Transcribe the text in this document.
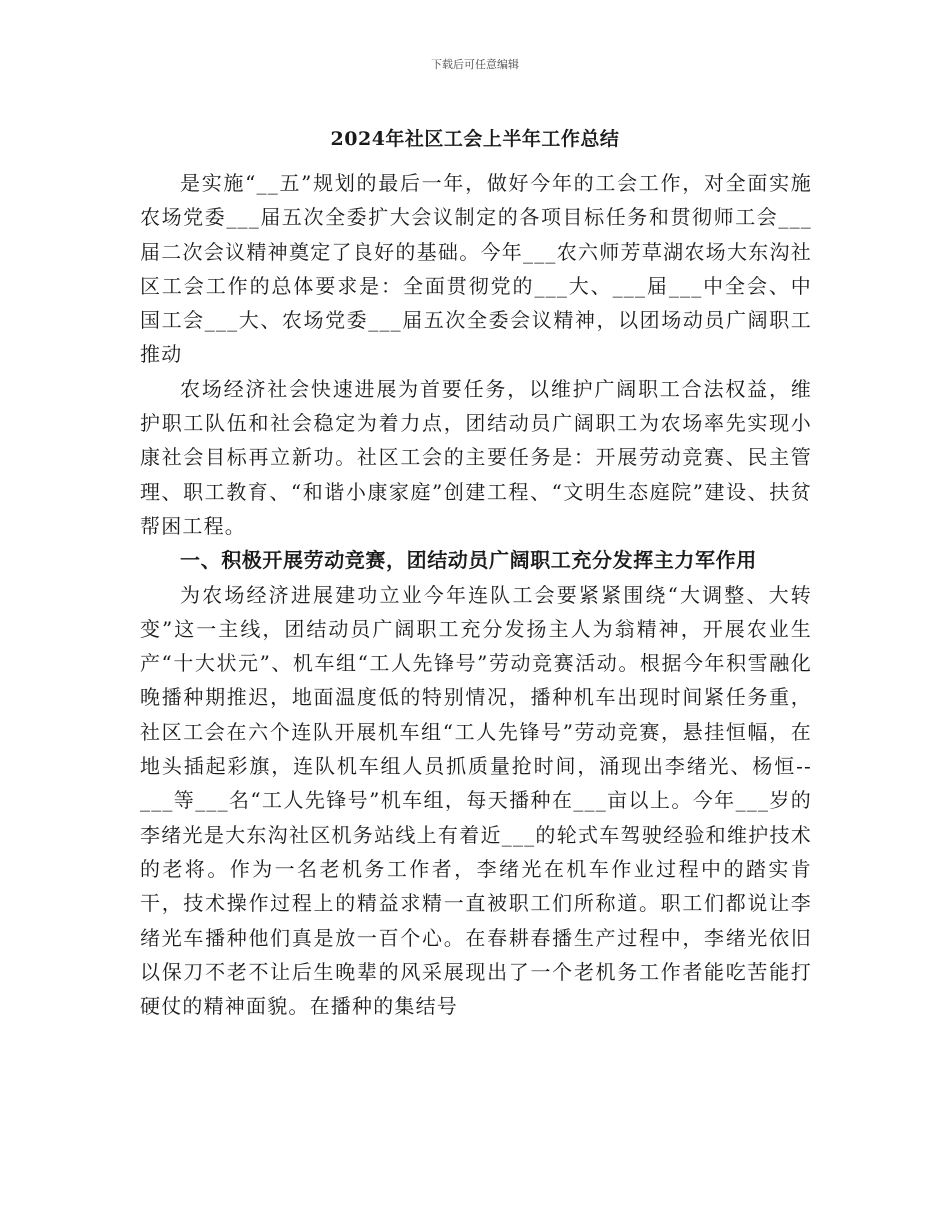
下载后可任意编辑
2024年社区工会上半年工作总结

是实施“__五”规划的最后一年，做好今年的工会工作，对全面实施农场党委___届五次全委扩大会议制定的各项目标任务和贯彻师工会___届二次会议精神奠定了良好的基础。今年___农六师芳草湖农场大东沟社区工会工作的总体要求是：全面贯彻党的___大、___届___中全会、中国工会___大、农场党委___届五次全委会议精神，以团场动员广阔职工推动

农场经济社会快速进展为首要任务，以维护广阔职工合法权益，维护职工队伍和社会稳定为着力点，团结动员广阔职工为农场率先实现小康社会目标再立新功。社区工会的主要任务是：开展劳动竞赛、民主管理、职工教育、“和谐小康家庭”创建工程、“文明生态庭院”建设、扶贫帮困工程。

一、积极开展劳动竞赛，团结动员广阔职工充分发挥主力军作用

为农场经济进展建功立业今年连队工会要紧紧围绕“大调整、大转变”这一主线，团结动员广阔职工充分发扬主人为翁精神，开展农业生产“十大状元”、机车组“工人先锋号”劳动竞赛活动。根据今年积雪融化晚播种期推迟，地面温度低的特别情况，播种机车出现时间紧任务重，社区工会在六个连队开展机车组“工人先锋号”劳动竞赛，悬挂恒幅，在地头插起彩旗，连队机车组人员抓质量抢时间，涌现出李绪光、杨恒--___等___名“工人先锋号”机车组，每天播种在___亩以上。今年___岁的李绪光是大东沟社区机务站线上有着近___的轮式车驾驶经验和维护技术的老将。作为一名老机务工作者，李绪光在机车作业过程中的踏实肯干，技术操作过程上的精益求精一直被职工们所称道。职工们都说让李绪光车播种他们真是放一百个心。在春耕春播生产过程中，李绪光依旧以保刀不老不让后生晚辈的风采展现出了一个老机务工作者能吃苦能打硬仗的精神面貌。在播种的集结号
